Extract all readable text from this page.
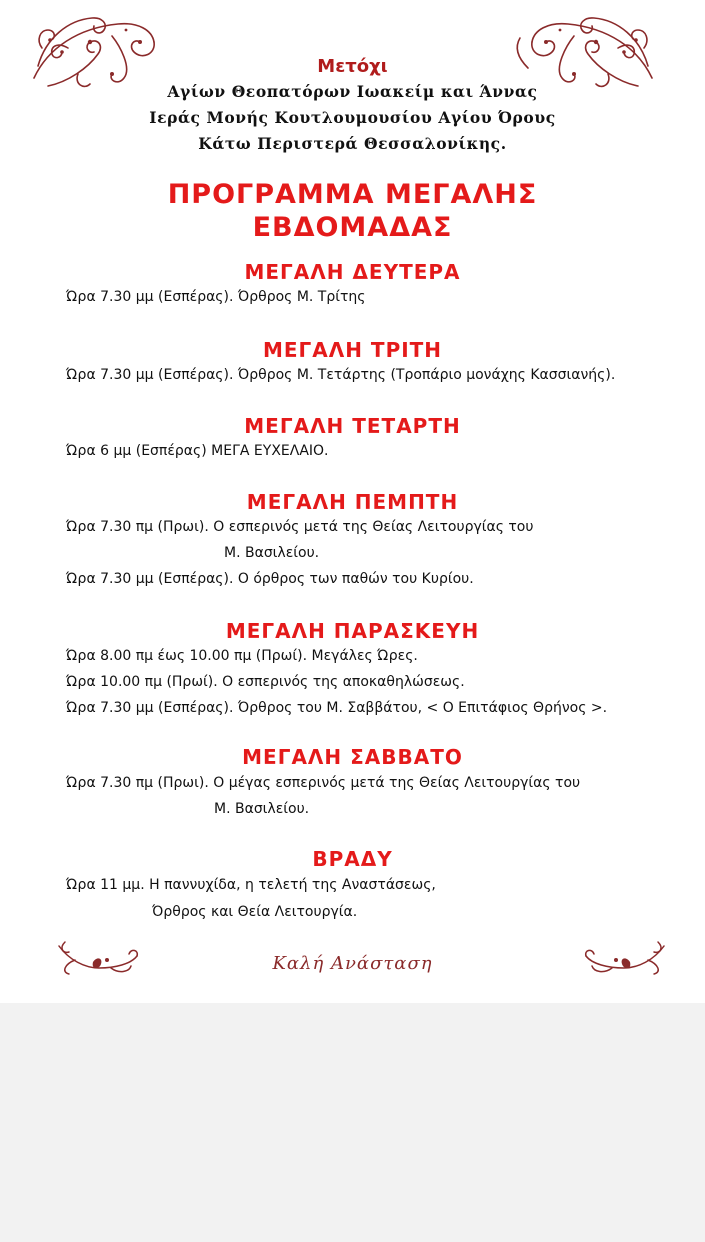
Μετόχι
Αγίων Θεοπατόρων Ιωακείμ και Άννας
Ιεράς Μονής Κουτλουμουσίου Αγίου Όρους
Κάτω Περιστερά Θεσσαλονίκης.
ΠΡΟΓΡΑΜΜΑ ΜΕΓΑΛΗΣ
ΕΒΔΟΜΑΔΑΣ
ΜΕΓΑΛΗ ΔΕΥΤΕΡΑ
Ώρα 7.30 μμ (Εσπέρας). Όρθρος Μ. Τρίτης
ΜΕΓΑΛΗ ΤΡΙΤΗ
Ώρα 7.30 μμ (Εσπέρας). Όρθρος Μ. Τετάρτης (Τροπάριο μονάχης Κασσιανής).
ΜΕΓΑΛΗ ΤΕΤΑΡΤΗ
Ώρα 6 μμ (Εσπέρας) ΜΕΓΑ ΕΥΧΕΛΑΙΟ.
ΜΕΓΑΛΗ ΠΕΜΠΤΗ
Ώρα 7.30 πμ (Πρωι). Ο εσπερινός μετά της Θείας Λειτουργίας του
Μ. Βασιλείου.
Ώρα 7.30 μμ (Εσπέρας). Ο όρθρος των παθών του Κυρίου.
ΜΕΓΑΛΗ ΠΑΡΑΣΚΕΥΗ
Ώρα 8.00 πμ έως 10.00 πμ (Πρωί). Μεγάλες Ώρες.
Ώρα 10.00 πμ (Πρωί). Ο εσπερινός της αποκαθηλώσεως.
Ώρα 7.30 μμ (Εσπέρας). Όρθρος του Μ. Σαββάτου, < Ο Επιτάφιος Θρήνος >.
ΜΕΓΑΛΗ ΣΑΒΒΑΤΟ
Ώρα 7.30 πμ (Πρωι). Ο μέγας εσπερινός μετά της Θείας Λειτουργίας του
Μ. Βασιλείου.
ΒΡΑΔΥ
Ώρα 11 μμ. Η παννυχίδα, η τελετή της Αναστάσεως,
Όρθρος και Θεία Λειτουργία.
Καλή Ανάσταση
